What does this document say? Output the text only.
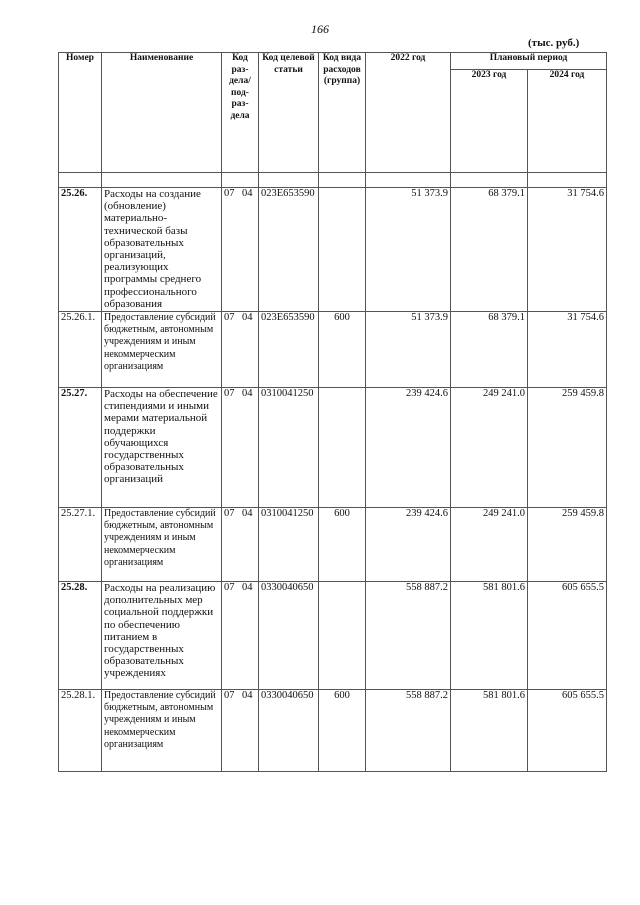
166
(тыс. руб.)
Номер	Наименование	Код раз- дела/ под- раз- дела	Код целевой статьи	Код вида расходов (группа)	2022 год	Плановый период	
						2023 год	2024 год

25.26.	Расходы на создание (обновление) материально-технической базы образовательных организаций, реализующих программы среднего профессионального образования	07 04	023Е653590		51 373.9	68 379.1	31 754.6
25.26.1.	Предоставление субсидий бюджетным, автономным учреждениям и иным некоммерческим организациям	07 04	023Е653590	600	51 373.9	68 379.1	31 754.6
25.27.	Расходы на обеспечение стипендиями и иными мерами материальной поддержки обучающихся государственных образовательных организаций	07 04	0310041250		239 424.6	249 241.0	259 459.8
25.27.1.	Предоставление субсидий бюджетным, автономным учреждениям и иным некоммерческим организациям	07 04	0310041250	600	239 424.6	249 241.0	259 459.8
25.28.	Расходы на реализацию дополнительных мер социальной поддержки по обеспечению питанием в государственных образовательных учреждениях	07 04	0330040650		558 887.2	581 801.6	605 655.5
25.28.1.	Предоставление субсидий бюджетным, автономным учреждениям и иным некоммерческим организациям	07 04	0330040650	600	558 887.2	581 801.6	605 655.5
